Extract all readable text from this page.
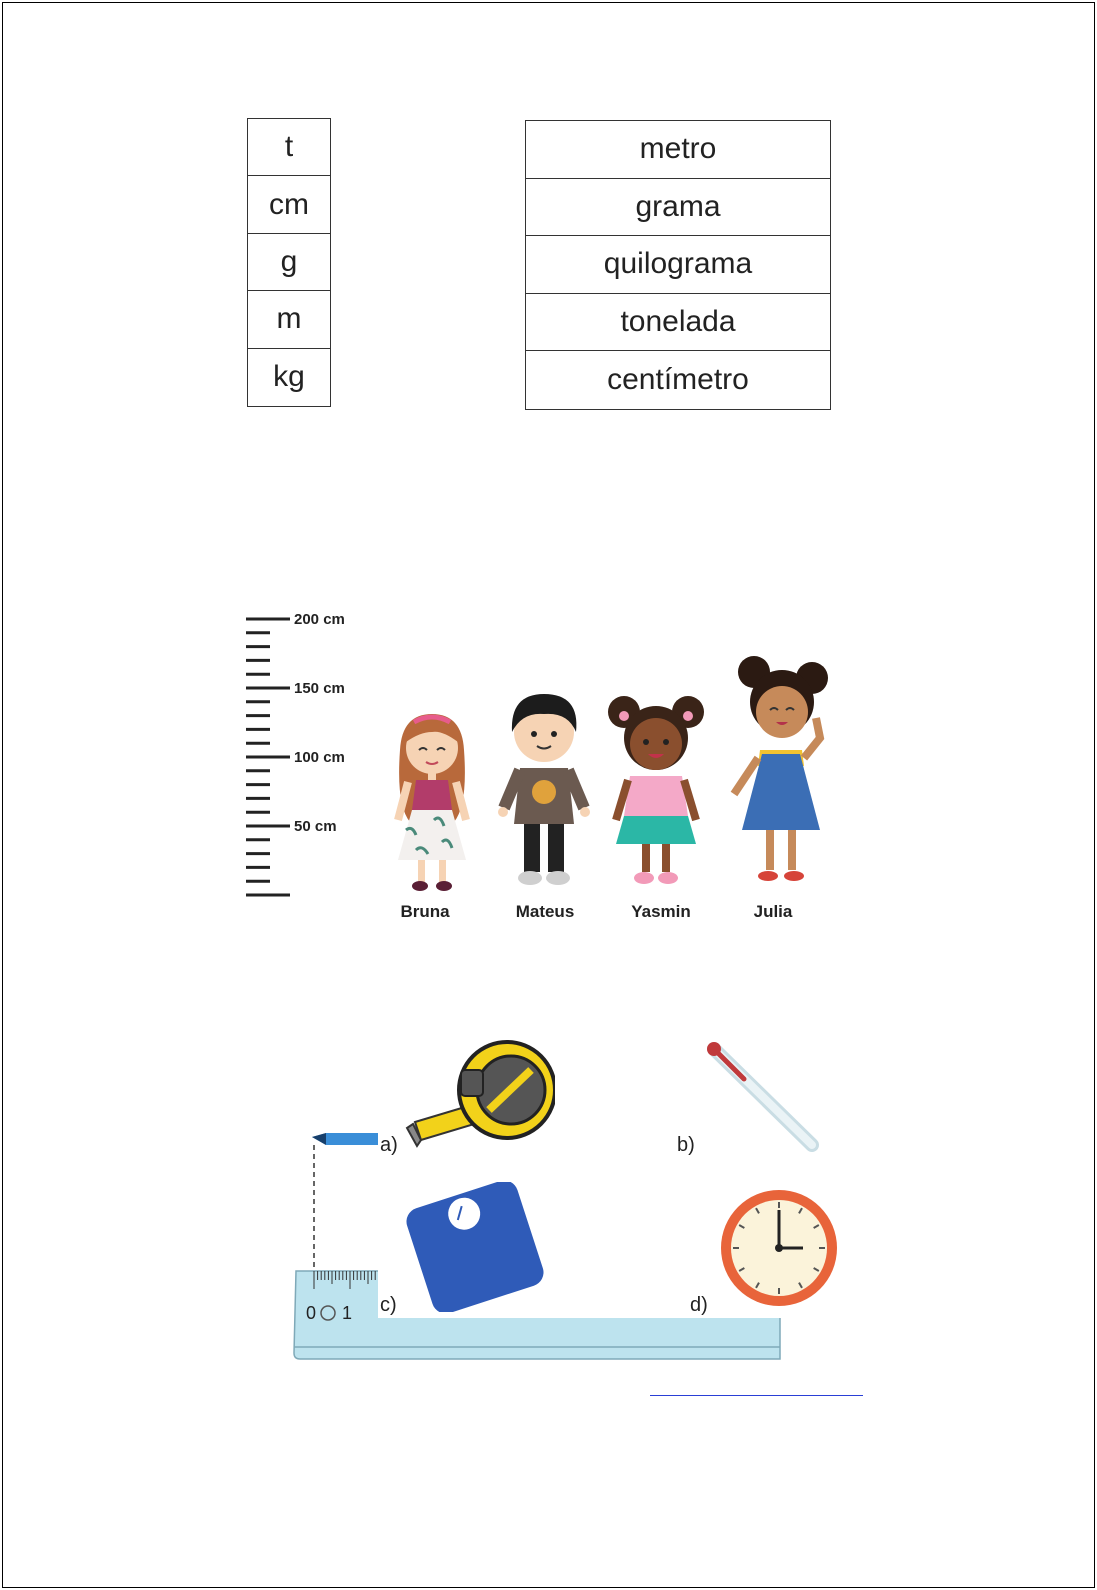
t
cm
g
m
kg
metro
grama
quilograma
tonelada
centímetro
200 cm
150 cm
100 cm
50 cm
Bruna	Mateus	Yasmin	Julia
0 1
a)	b)
c)	d)
